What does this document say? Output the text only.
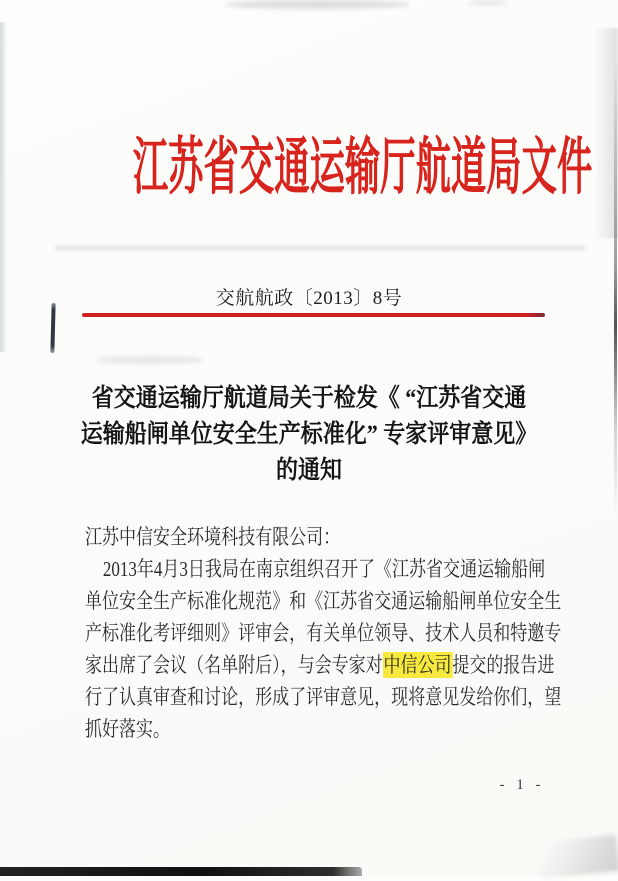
江苏省交通运输厅航道局文件
交航航政〔2013〕8号
省交通运输厅航道局关于检发《 “江苏省交通
运输船闸单位安全生产标准化” 专家评审意见》
的通知
江苏中信安全环境科技有限公司：
2013年4月3日我局在南京组织召开了《江苏省交通运输船闸
单位安全生产标准化规范》和《江苏省交通运输船闸单位安全生
产标准化考评细则》评审会，有关单位领导、技术人员和特邀专
家出席了会议（名单附后），与会专家对中信公司提交的报告进
行了认真审查和讨论，形成了评审意见，现将意见发给你们，望
抓好落实。
- 1 -
